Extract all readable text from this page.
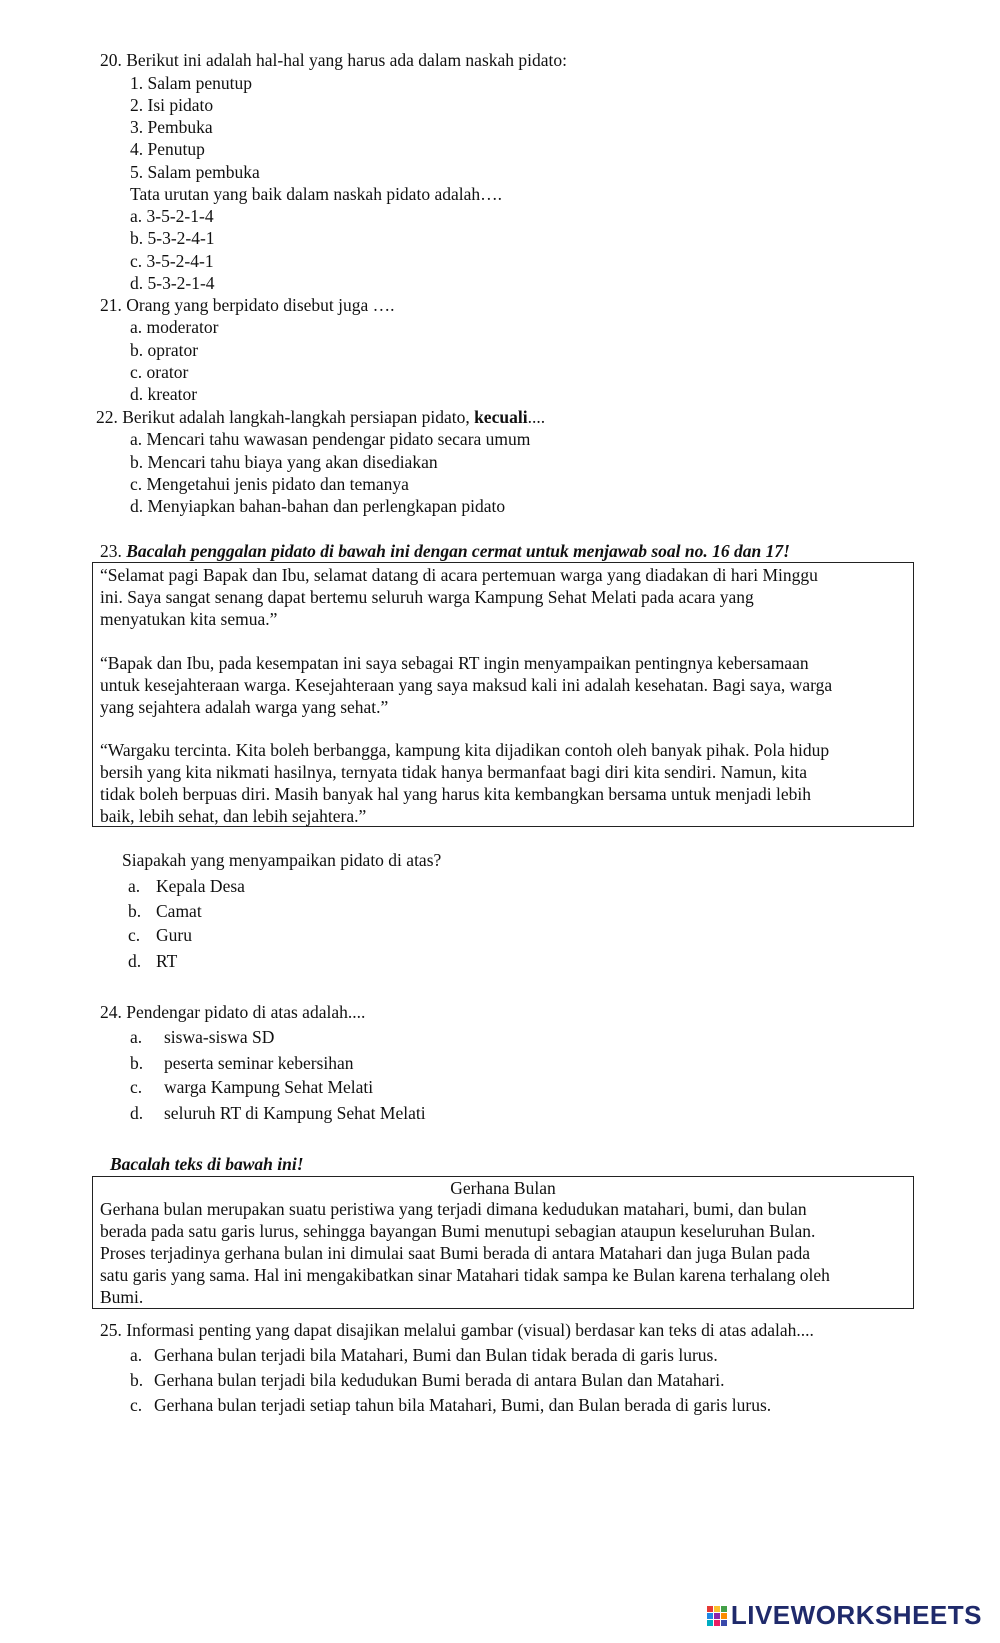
20. Berikut ini adalah hal-hal yang harus ada dalam naskah pidato:
1. Salam penutup
2. Isi pidato
3. Pembuka
4. Penutup
5. Salam pembuka
Tata urutan yang baik dalam naskah pidato adalah….
a. 3-5-2-1-4
b. 5-3-2-4-1
c. 3-5-2-4-1
d. 5-3-2-1-4
21. Orang yang berpidato disebut juga ….
a. moderator
b. oprator
c. orator
d. kreator
22. Berikut adalah langkah-langkah persiapan pidato, kecuali....
a. Mencari tahu wawasan pendengar pidato secara umum
b. Mencari tahu biaya yang akan disediakan
c. Mengetahui jenis pidato dan temanya
d. Menyiapkan bahan-bahan dan perlengkapan pidato
23. Bacalah penggalan pidato di bawah ini dengan cermat untuk menjawab soal no. 16 dan 17!
“Selamat pagi Bapak dan Ibu, selamat datang di acara pertemuan warga yang diadakan di hari Minggu
ini. Saya sangat senang dapat bertemu seluruh warga Kampung Sehat Melati pada acara yang
menyatukan kita semua.”
“Bapak dan Ibu, pada kesempatan ini saya sebagai RT ingin menyampaikan pentingnya kebersamaan
untuk kesejahteraan warga. Kesejahteraan yang saya maksud kali ini adalah kesehatan. Bagi saya, warga
yang sejahtera adalah warga yang sehat.”
“Wargaku tercinta. Kita boleh berbangga, kampung kita dijadikan contoh oleh banyak pihak. Pola hidup
bersih yang kita nikmati hasilnya, ternyata tidak hanya bermanfaat bagi diri kita sendiri. Namun, kita
tidak boleh berpuas diri. Masih banyak hal yang harus kita kembangkan bersama untuk menjadi lebih
baik, lebih sehat, dan lebih sejahtera.”
Siapakah yang menyampaikan pidato di atas?
a. Kepala Desa
b. Camat
c. Guru
d. RT
24. Pendengar pidato di atas adalah....
a. siswa-siswa SD
b. peserta seminar kebersihan
c. warga Kampung Sehat Melati
d. seluruh RT di Kampung Sehat Melati
Bacalah teks di bawah ini!
Gerhana Bulan
Gerhana bulan merupakan suatu peristiwa yang terjadi dimana kedudukan matahari, bumi, dan bulan
berada pada satu garis lurus, sehingga bayangan Bumi menutupi sebagian ataupun keseluruhan Bulan.
Proses terjadinya gerhana bulan ini dimulai saat Bumi berada di antara Matahari dan juga Bulan pada
satu garis yang sama. Hal ini mengakibatkan sinar Matahari tidak sampa ke Bulan karena terhalang oleh
Bumi.
25. Informasi penting yang dapat disajikan melalui gambar (visual) berdasar kan teks di atas adalah....
a. Gerhana bulan terjadi bila Matahari, Bumi dan Bulan tidak berada di garis lurus.
b. Gerhana bulan terjadi bila kedudukan Bumi berada di antara Bulan dan Matahari.
c. Gerhana bulan terjadi setiap tahun bila Matahari, Bumi, dan Bulan berada di garis lurus.
LIVEWORKSHEETS
